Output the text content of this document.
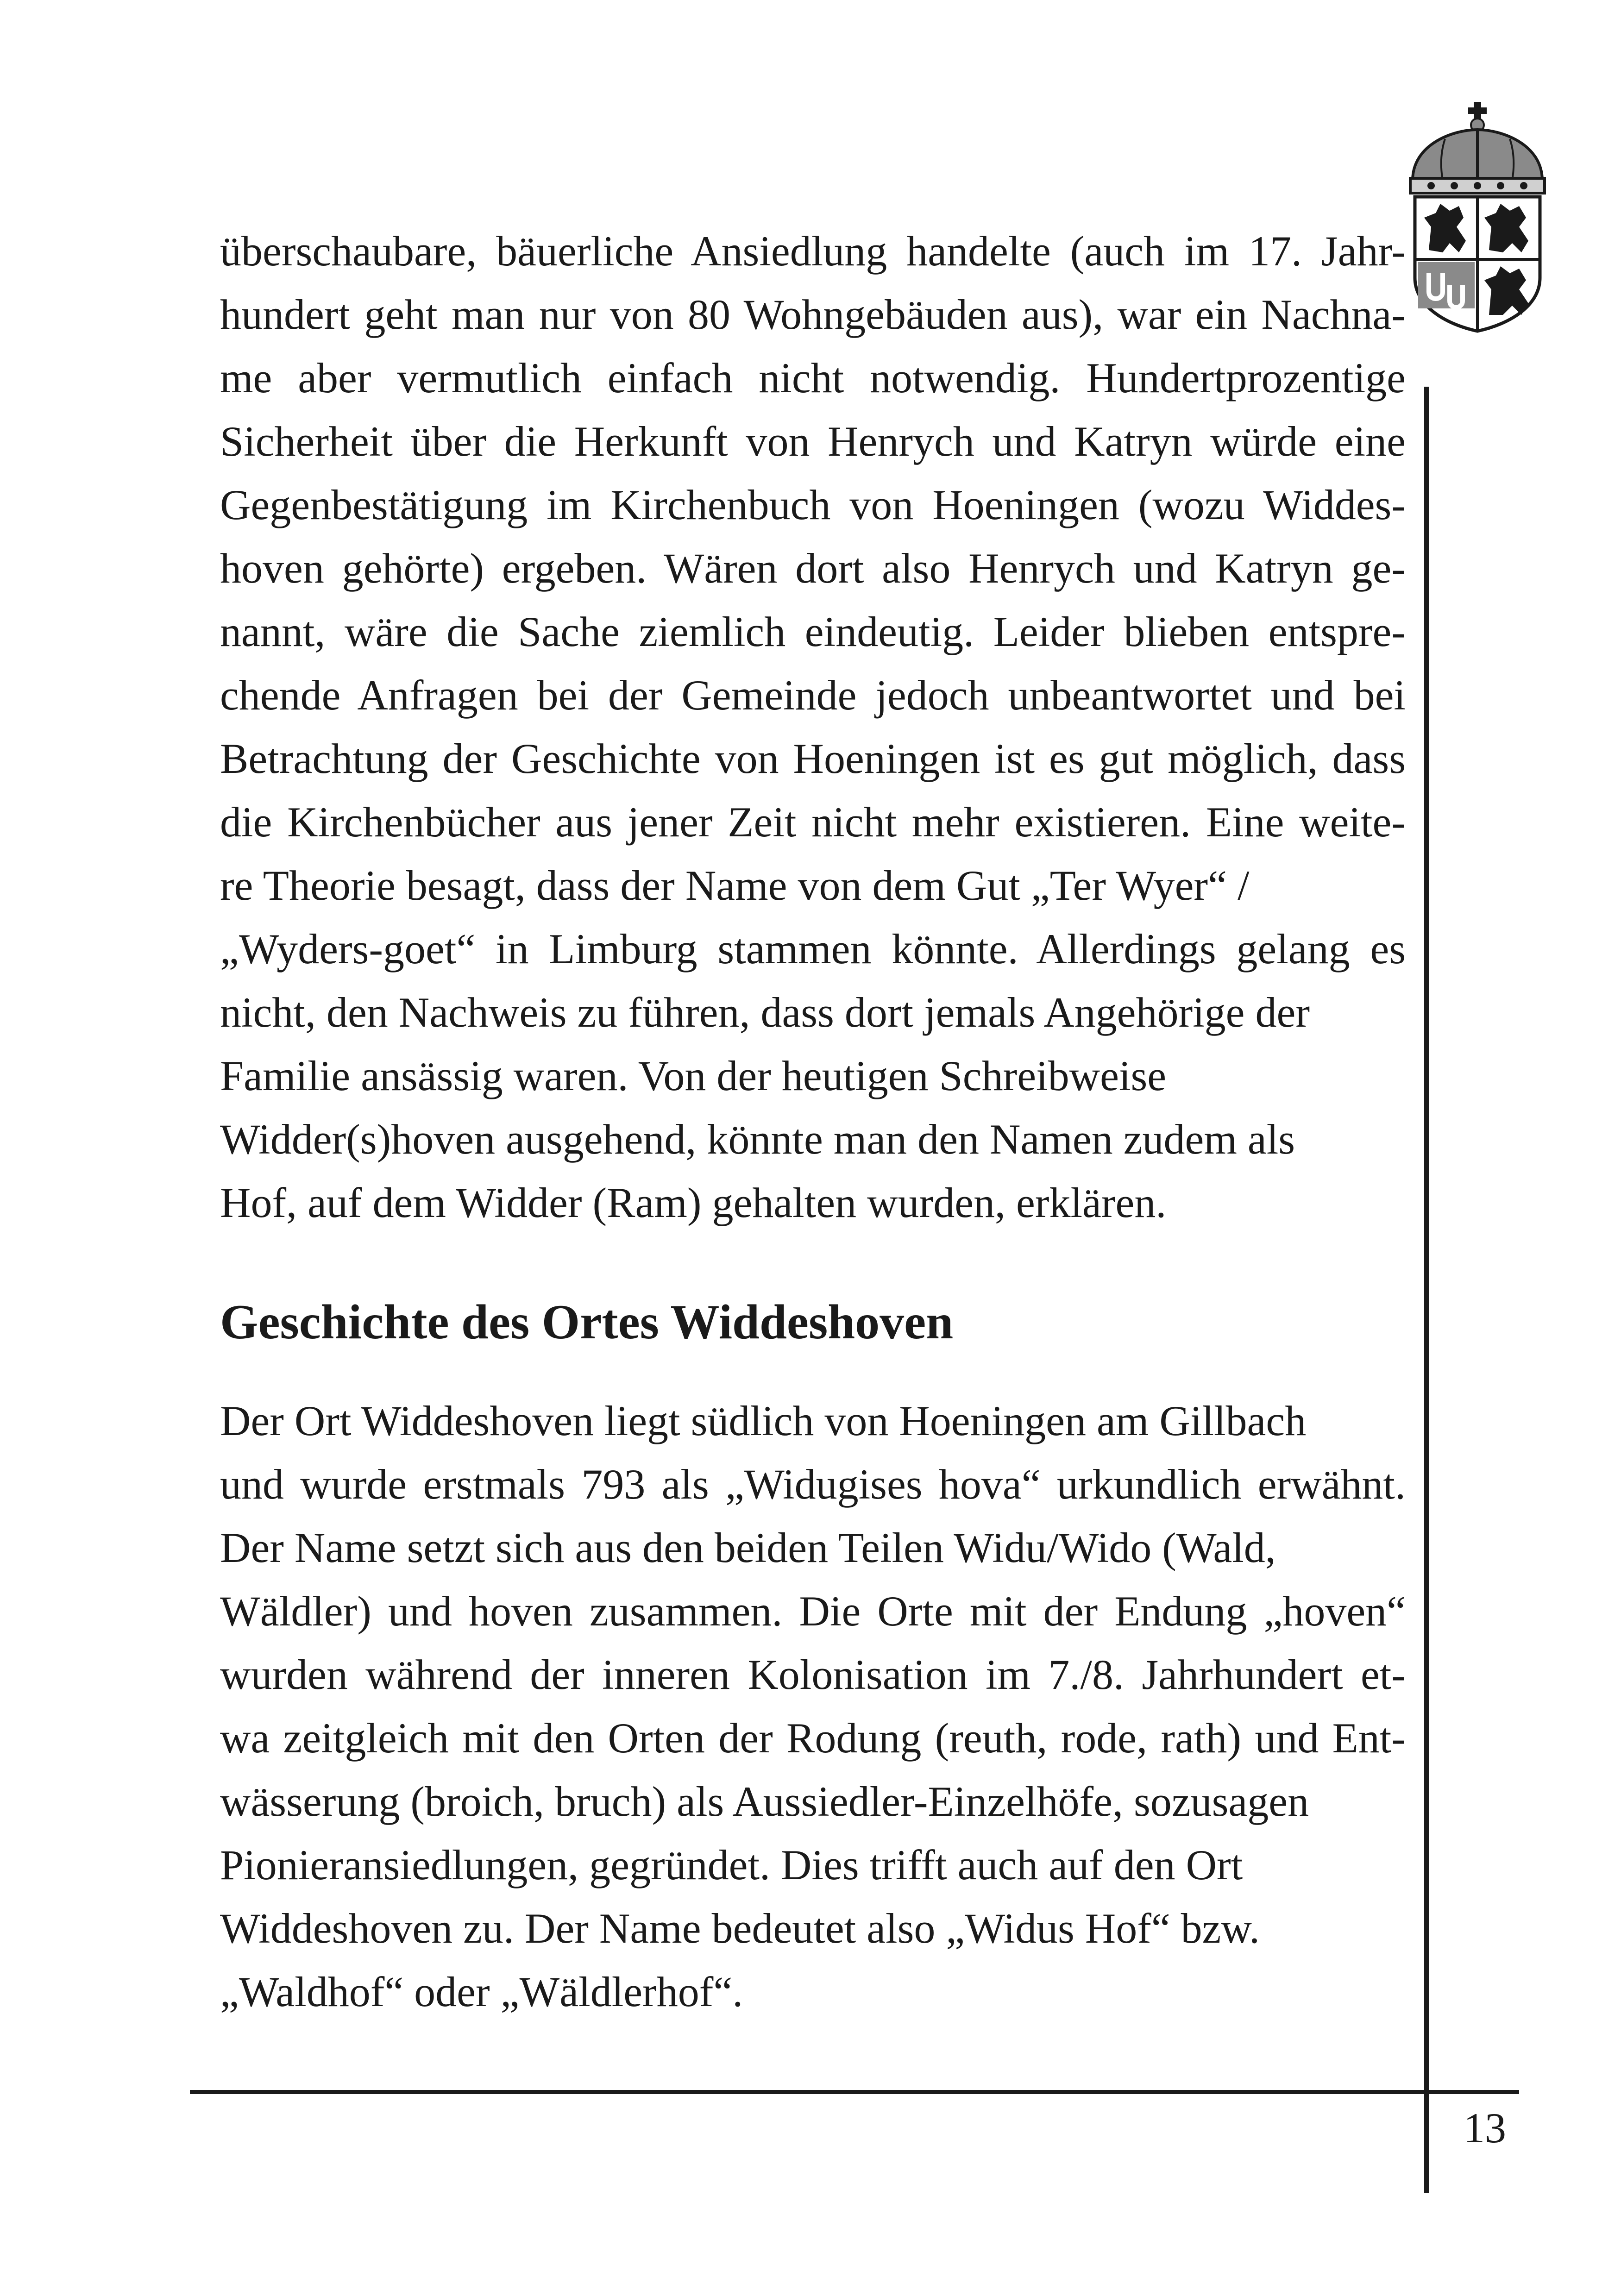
überschaubare, bäuerliche Ansiedlung handelte (auch im 17. Jahr-
hundert geht man nur von 80 Wohngebäuden aus), war ein Nachna-
me aber vermutlich einfach nicht notwendig. Hundertprozentige
Sicherheit über die Herkunft von Henrych und Katryn würde eine
Gegenbestätigung im Kirchenbuch von Hoeningen (wozu Widdes-
hoven gehörte) ergeben. Wären dort also Henrych und Katryn ge-
nannt, wäre die Sache ziemlich eindeutig. Leider blieben entspre-
chende Anfragen bei der Gemeinde jedoch unbeantwortet und bei
Betrachtung der Geschichte von Hoeningen ist es gut möglich, dass
die Kirchenbücher aus jener Zeit nicht mehr existieren. Eine weite-
re Theorie besagt, dass der Name von dem Gut „Ter Wyer“ /
„Wyders-goet“ in Limburg stammen könnte. Allerdings gelang es
nicht, den Nachweis zu führen, dass dort jemals Angehörige der
Familie ansässig waren. Von der heutigen Schreibweise
Widder(s)hoven ausgehend, könnte man den Namen zudem als
Hof, auf dem Widder (Ram) gehalten wurden, erklären.

Geschichte des Ortes Widdeshoven

Der Ort Widdeshoven liegt südlich von Hoeningen am Gillbach
und wurde erstmals 793 als „Widugises hova“ urkundlich erwähnt.
Der Name setzt sich aus den beiden Teilen Widu/Wido (Wald,
Wäldler) und hoven zusammen. Die Orte mit der Endung „hoven“
wurden während der inneren Kolonisation im 7./8. Jahrhundert et-
wa zeitgleich mit den Orten der Rodung (reuth, rode, rath) und Ent-
wässerung (broich, bruch) als Aussiedler-Einzelhöfe, sozusagen
Pionieransiedlungen, gegründet. Dies trifft auch auf den Ort
Widdeshoven zu. Der Name bedeutet also „Widus Hof“ bzw.
„Waldhof“ oder „Wäldlerhof“.

13
